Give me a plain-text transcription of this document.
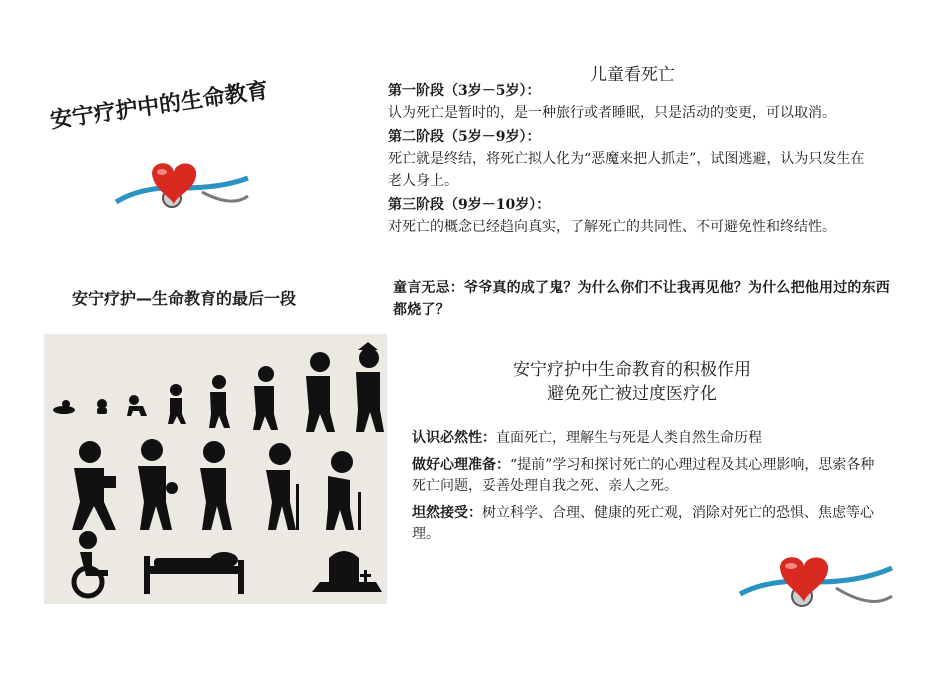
安宁疗护中的生命教育
安宁疗护—生命教育的最后一段
儿童看死亡
第一阶段（3岁－5岁）：
认为死亡是暂时的，是一种旅行或者睡眠，只是活动的变更，可以取消。
第二阶段（5岁－9岁）：
死亡就是终结，将死亡拟人化为“恶魔来把人抓走”，试图逃避，认为只发生在老人身上。
第三阶段（9岁－10岁）：
对死亡的概念已经趋向真实，了解死亡的共同性、不可避免性和终结性。
童言无忌：爷爷真的成了鬼？为什么你们不让我再见他？为什么把他用过的东西都烧了？
安宁疗护中生命教育的积极作用
避免死亡被过度医疗化
认识必然性：直面死亡，理解生与死是人类自然生命历程
做好心理准备：“提前”学习和探讨死亡的心理过程及其心理影响，思索各种死亡问题，妥善处理自我之死、亲人之死。
坦然接受：树立科学、合理、健康的死亡观，消除对死亡的恐惧、焦虑等心理。
